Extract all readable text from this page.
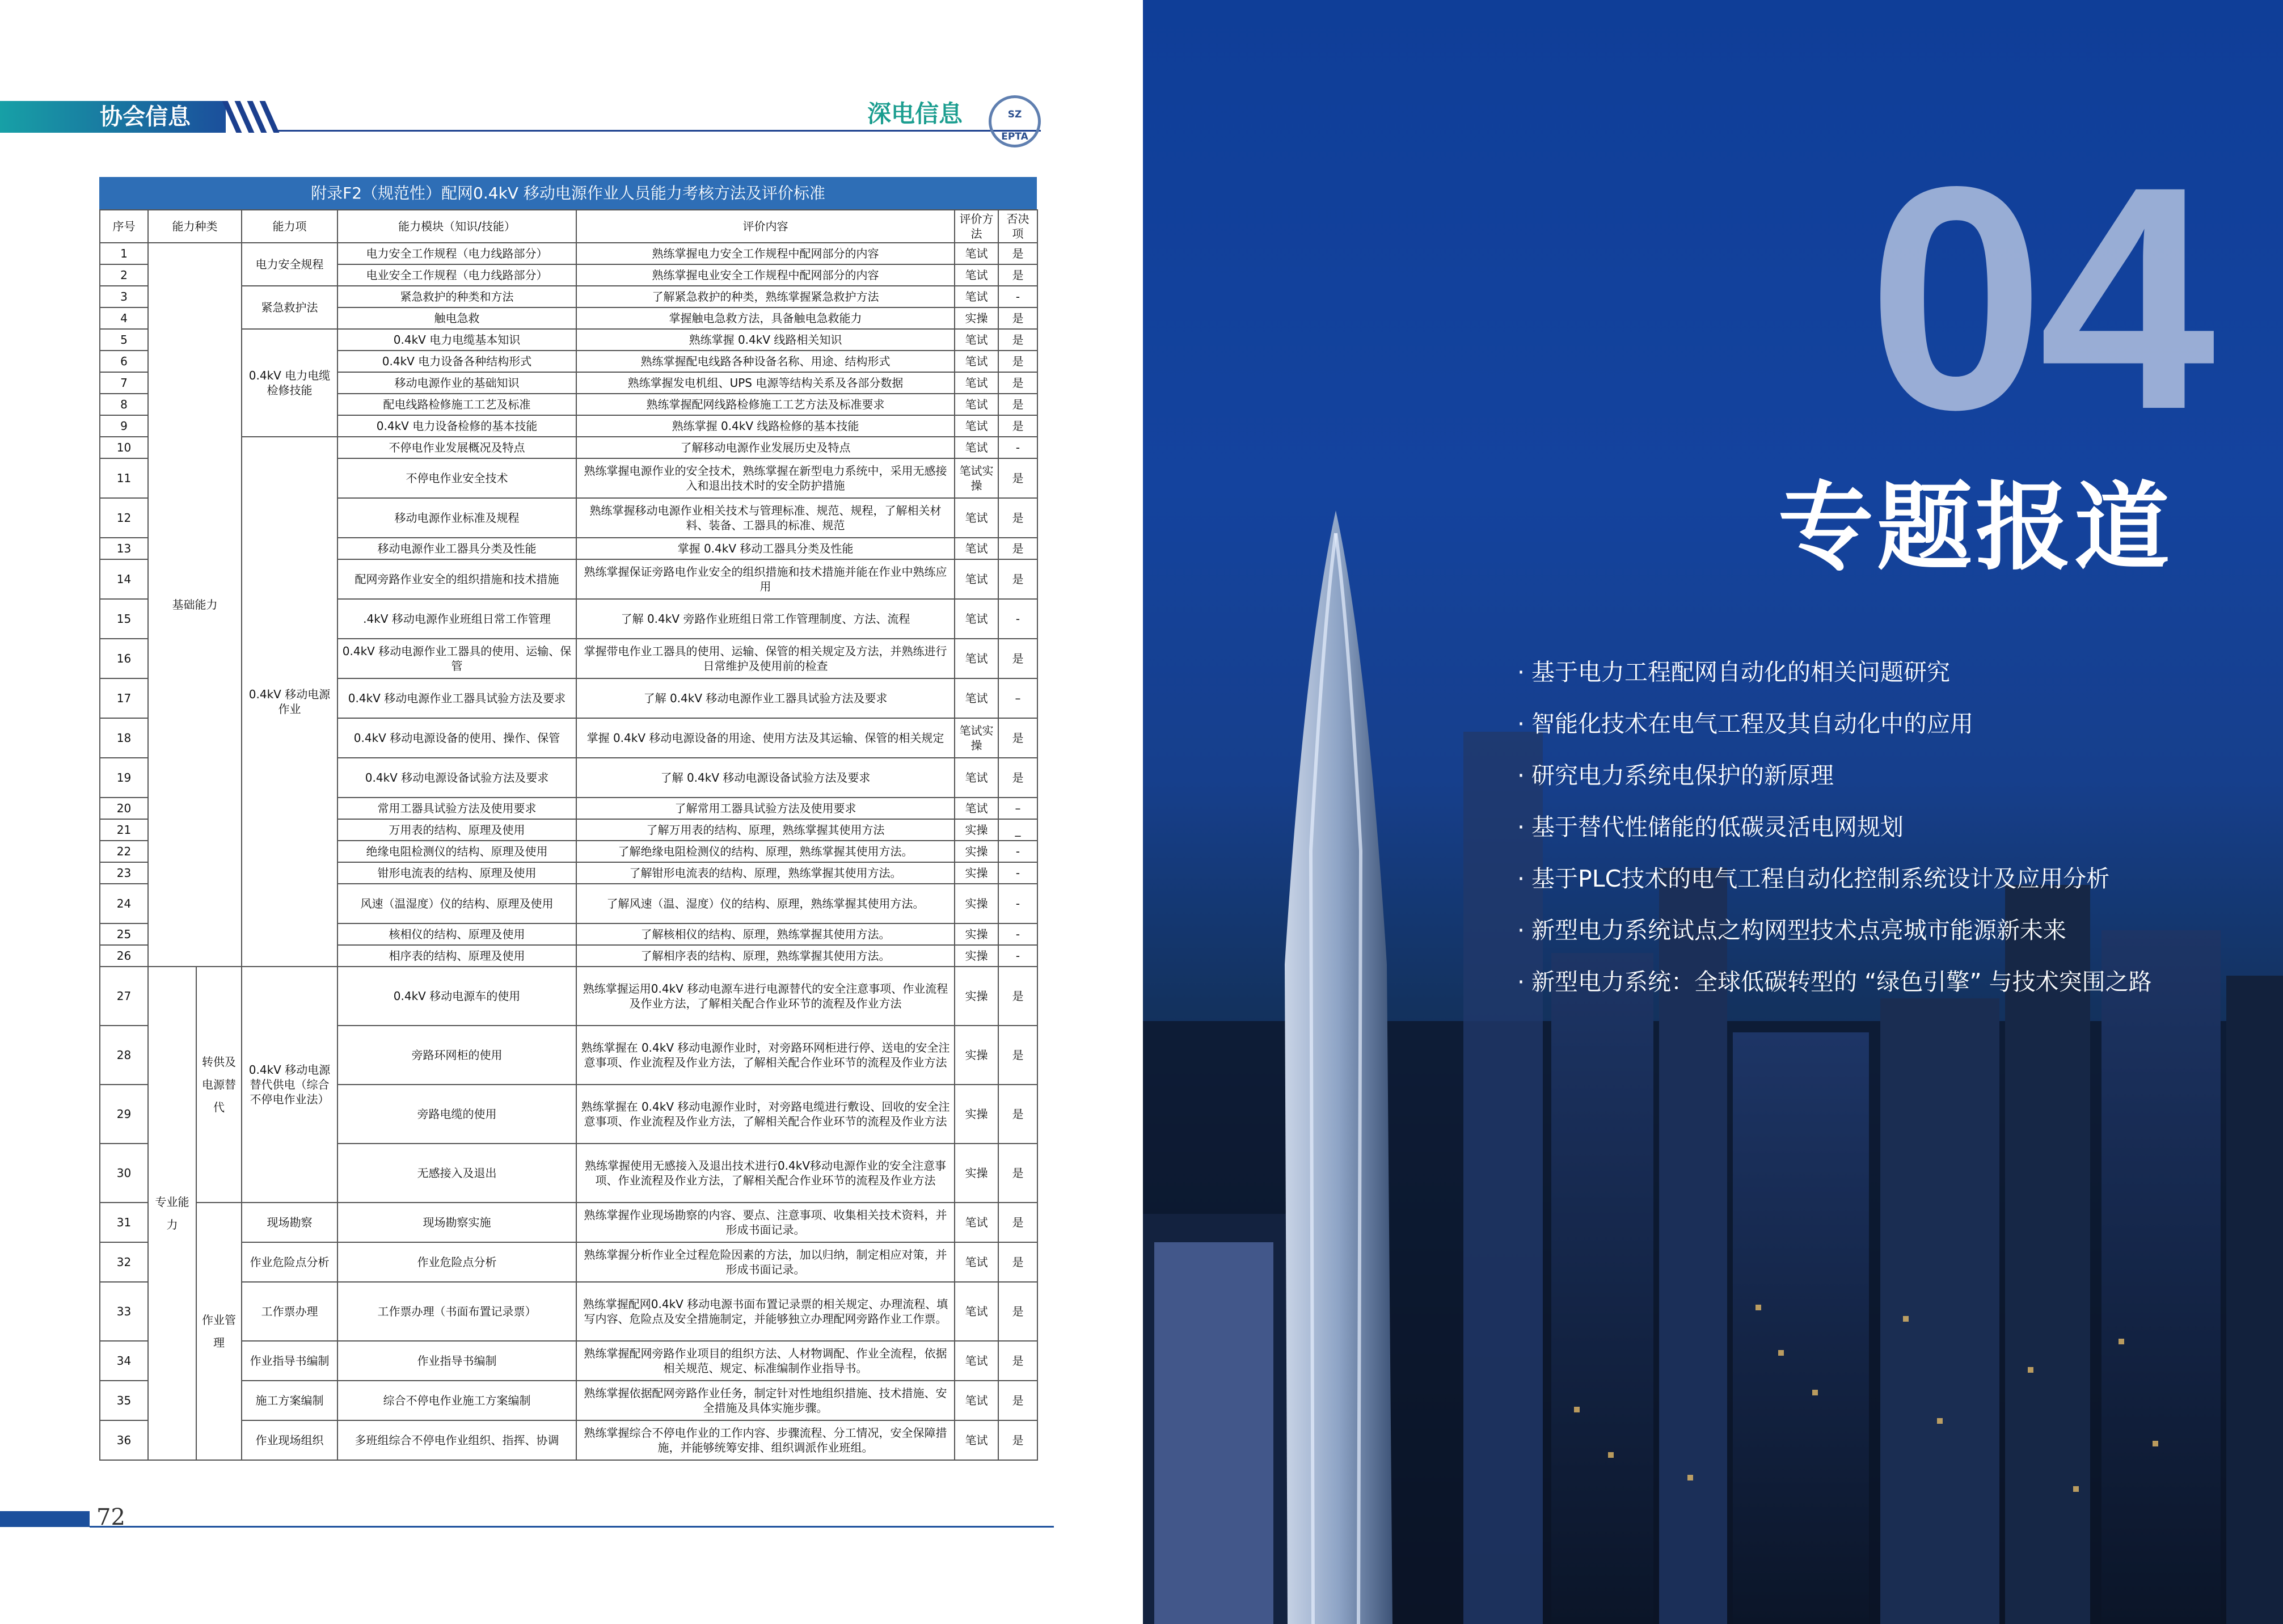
协会信息	深电信息	SZ
EPTA
附录F2（规范性）配网0.4kV 移动电源作业人员能力考核方法及评价标准
序号	能力种类		能力项	能力模块（知识/技能）	评价内容	评价方法	否决项
1	基础能力		电力安全规程	电力安全工作规程（电力线路部分）	熟练掌握电力安全工作规程中配网部分的内容	笔试	是
2				电业安全工作规程（电力线路部分）	熟练掌握电业安全工作规程中配网部分的内容	笔试	是
3			紧急救护法	紧急救护的种类和方法	了解紧急救护的种类，熟练掌握紧急救护方法	笔试	-
4				触电急救	掌握触电急救方法，具备触电急救能力	实操	是
5			0.4kV 电力电缆检修技能	0.4kV 电力电缆基本知识	熟练掌握 0.4kV 线路相关知识	笔试	是
6				0.4kV 电力设备各种结构形式	熟练掌握配电线路各种设备名称、用途、结构形式	笔试	是
7				移动电源作业的基础知识	熟练掌握发电机组、UPS 电源等结构关系及各部分数据	笔试	是
8				配电线路检修施工工艺及标准	熟练掌握配网线路检修施工工艺方法及标准要求	笔试	是
9				0.4kV 电力设备检修的基本技能	熟练掌握 0.4kV 线路检修的基本技能	笔试	是
10			0.4kV 移动电源作业	不停电作业发展概况及特点	了解移动电源作业发展历史及特点	笔试	-
11				不停电作业安全技术	熟练掌握电源作业的安全技术，熟练掌握在新型电力系统中，采用无感接入和退出技术时的安全防护措施	笔试实操	是
12				移动电源作业标准及规程	熟练掌握移动电源作业相关技术与管理标准、规范、规程，了解相关材料、装备、工器具的标准、规范	笔试	是
13				移动电源作业工器具分类及性能	掌握 0.4kV 移动工器具分类及性能	笔试	是
14				配网旁路作业安全的组织措施和技术措施	熟练掌握保证旁路电作业安全的组织措施和技术措施并能在作业中熟练应用	笔试	是
15				.4kV 移动电源作业班组日常工作管理	了解 0.4kV 旁路作业班组日常工作管理制度、方法、流程	笔试	-
16				0.4kV 移动电源作业工器具的使用、运输、保管	掌握带电作业工器具的使用、运输、保管的相关规定及方法，并熟练进行日常维护及使用前的检查	笔试	是
17				0.4kV 移动电源作业工器具试验方法及要求	了解 0.4kV 移动电源作业工器具试验方法及要求	笔试	–
18				0.4kV 移动电源设备的使用、操作、保管	掌握 0.4kV 移动电源设备的用途、使用方法及其运输、保管的相关规定	笔试实操	是
19				0.4kV 移动电源设备试验方法及要求	了解 0.4kV 移动电源设备试验方法及要求	笔试	是
20				常用工器具试验方法及使用要求	了解常用工器具试验方法及使用要求	笔试	–
21				万用表的结构、原理及使用	了解万用表的结构、原理，熟练掌握其使用方法	实操	_
22				绝缘电阻检测仪的结构、原理及使用	了解绝缘电阻检测仪的结构、原理，熟练掌握其使用方法。	实操	-
23				钳形电流表的结构、原理及使用	了解钳形电流表的结构、原理，熟练掌握其使用方法。	实操	-
24				风速（温湿度）仪的结构、原理及使用	了解风速（温、湿度）仪的结构、原理，熟练掌握其使用方法。	实操	-
25				核相仪的结构、原理及使用	了解核相仪的结构、原理，熟练掌握其使用方法。	实操	-
26				相序表的结构、原理及使用	了解相序表的结构、原理，熟练掌握其使用方法。	实操	-
27	专业能力	转供及电源替代	0.4kV 移动电源替代供电（综合不停电作业法）	0.4kV 移动电源车的使用	熟练掌握运用0.4kV 移动电源车进行电源替代的安全注意事项、作业流程及作业方法，了解相关配合作业环节的流程及作业方法	实操	是
28				旁路环网柜的使用	熟练掌握在 0.4kV 移动电源作业时，对旁路环网柜进行停、送电的安全注意事项、作业流程及作业方法，了解相关配合作业环节的流程及作业方法	实操	是
29				旁路电缆的使用	熟练掌握在 0.4kV 移动电源作业时，对旁路电缆进行敷设、回收的安全注意事项、作业流程及作业方法，了解相关配合作业环节的流程及作业方法	实操	是
30				无感接入及退出	熟练掌握使用无感接入及退出技术进行0.4kV移动电源作业的安全注意事项、作业流程及作业方法，了解相关配合作业环节的流程及作业方法	实操	是
31		作业管理	现场勘察	现场勘察实施	熟练掌握作业现场勘察的内容、要点、注意事项、收集相关技术资料，并形成书面记录。	笔试	是
32			作业危险点分析	作业危险点分析	熟练掌握分析作业全过程危险因素的方法，加以归纳，制定相应对策，并形成书面记录。	笔试	是
33			工作票办理	工作票办理（书面布置记录票）	熟练掌握配网0.4kV 移动电源书面布置记录票的相关规定、办理流程、填写内容、危险点及安全措施制定，并能够独立办理配网旁路作业工作票。	笔试	是
34			作业指导书编制	作业指导书编制	熟练掌握配网旁路作业项目的组织方法、人材物调配、作业全流程，依据相关规范、规定、标准编制作业指导书。	笔试	是
35			施工方案编制	综合不停电作业施工方案编制	熟练掌握依据配网旁路作业任务，制定针对性地组织措施、技术措施、安全措施及具体实施步骤。	笔试	是
36			作业现场组织	多班组综合不停电作业组织、指挥、协调	熟练掌握综合不停电作业的工作内容、步骤流程、分工情况，安全保障措施，并能够统筹安排、组织调派作业班组。	笔试	是
72
04
专题报道
· 基于电力工程配网自动化的相关问题研究
· 智能化技术在电气工程及其自动化中的应用
· 研究电力系统电保护的新原理
· 基于替代性储能的低碳灵活电网规划
· 基于PLC技术的电气工程自动化控制系统设计及应用分析
· 新型电力系统试点之构网型技术点亮城市能源新未来
· 新型电力系统：全球低碳转型的 “绿色引擎” 与技术突围之路
